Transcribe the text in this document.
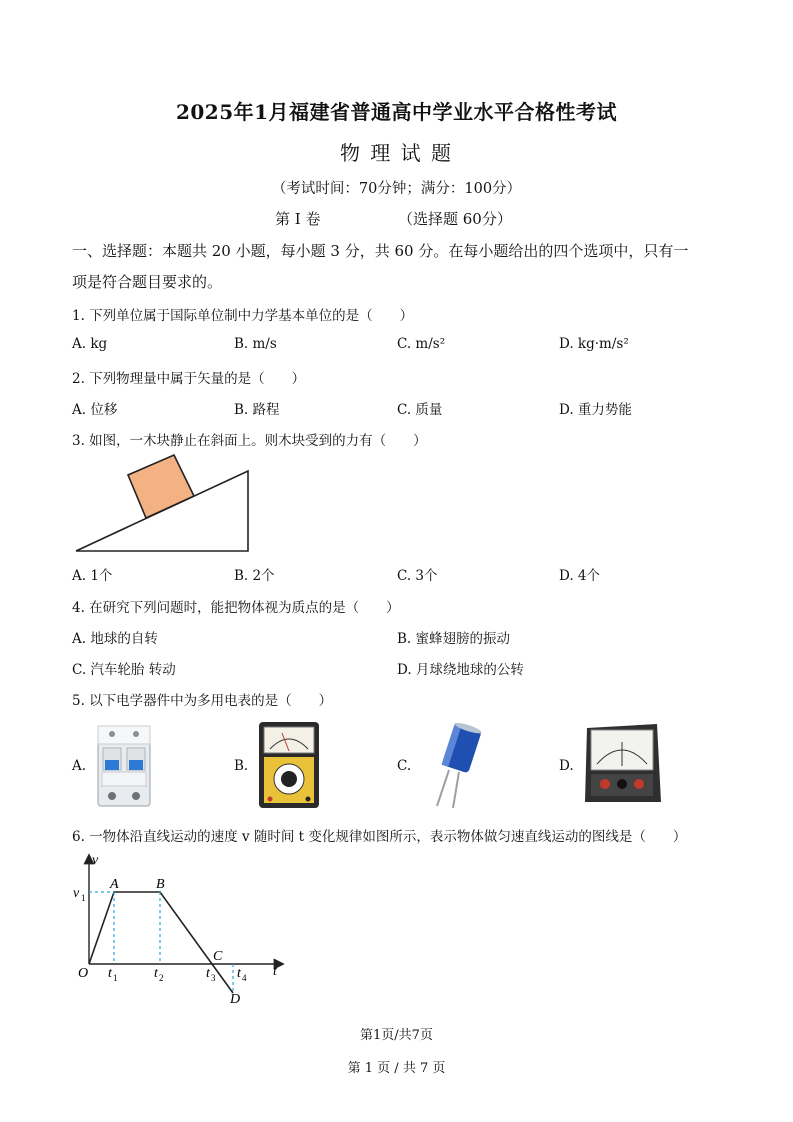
2025年1月福建省普通高中学业水平合格性考试
物 理 试 题
（考试时间：70分钟；满分：100分）
第 I 卷	（选择题 60分）
一、选择题：本题共 20 小题，每小题 3 分，共 60 分。在每小题给出的四个选项中，只有一
项是符合题目要求的。
1. 下列单位属于国际单位制中力学基本单位的是（　　）
A. kg	B. m/s	C. m/s²	D. kg·m/s²
2. 下列物理量中属于矢量的是（　　）
A. 位移	B. 路程	C. 质量	D. 重力势能
3. 如图，一木块静止在斜面上。则木块受到的力有（　　）
A. 1个	B. 2个	C. 3个	D. 4个
4. 在研究下列问题时，能把物体视为质点的是（　　）
A. 地球的自转	B. 蜜蜂翅膀的振动
C. 汽车轮胎 转动	D. 月球绕地球的公转
5. 以下电学器件中为多用电表的是（　　）
A.	B.	C.	D.
6. 一物体沿直线运动的速度 v 随时间 t 变化规律如图所示，表示物体做匀速直线运动的图线是（　　）
v
t
O
v 1
A	B
C
D
t 1	t 2	t 3 t 4
第1页/共7页
第 1 页 / 共 7 页
